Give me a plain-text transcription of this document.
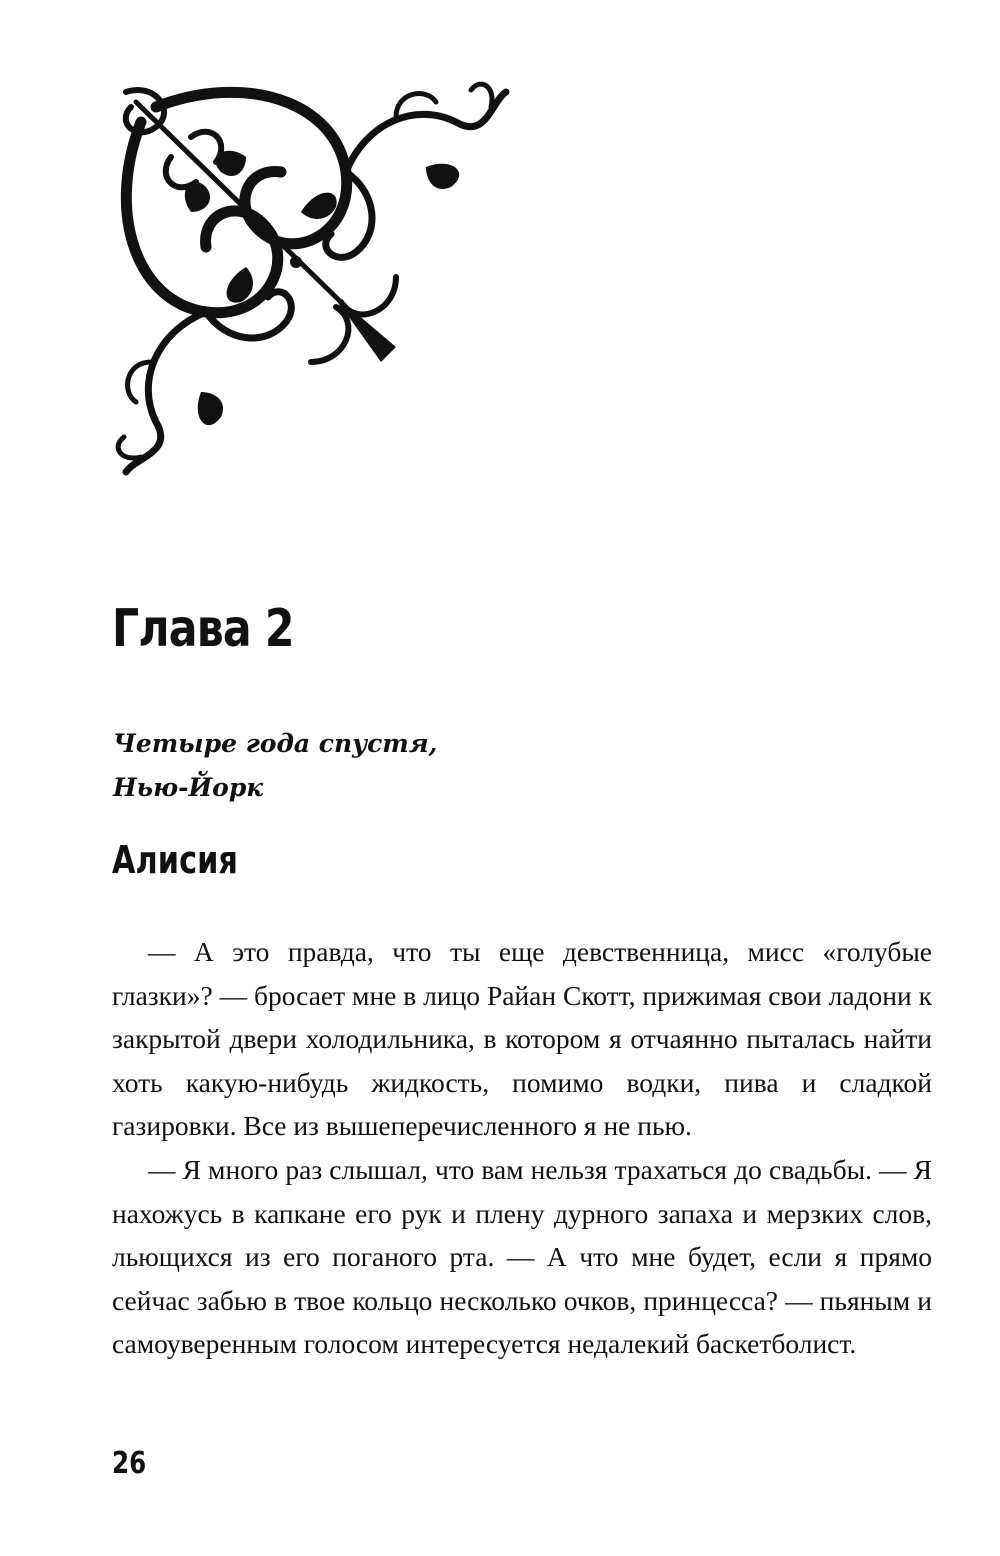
Глава 2
Четыре года спустя,
Нью-Йорк
Алисия

— А это правда, что ты еще девственница, мисс «голубые глазки»? — бросает мне в лицо Райан Скотт, прижимая свои ладони к закрытой двери холодильника, в котором я отчаянно пыталась найти хоть какую-нибудь жидкость, помимо водки, пива и сладкой газировки. Все из вышеперечисленного я не пью.

— Я много раз слышал, что вам нельзя трахаться до свадьбы. — Я нахожусь в капкане его рук и плену дурного запаха и мерзких слов, льющихся из его поганого рта. — А что мне будет, если я прямо сейчас забью в твое кольцо несколько очков, принцесса? — пьяным и самоуверенным голосом интересуется недалекий баскетболист.

26
